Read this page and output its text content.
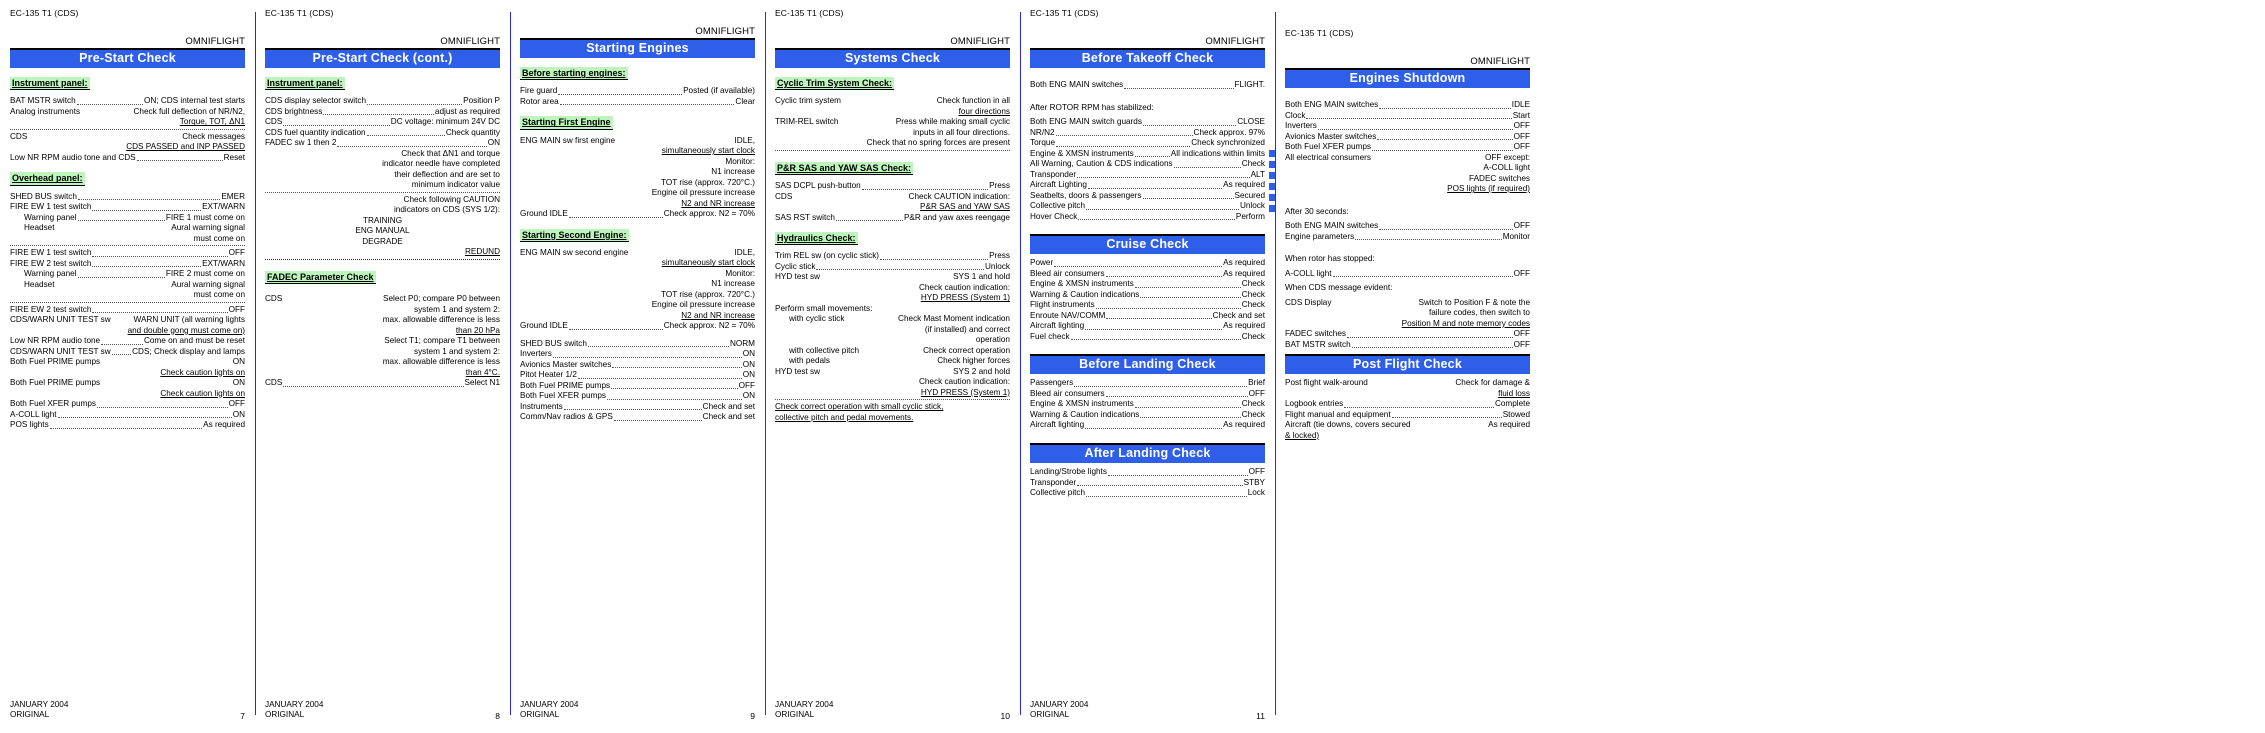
EC-135 T1 (CDS)
OMNIFLIGHT
Pre-Start Check
Instrument panel:
BAT MSTR switch	ON; CDS internal test starts
Analog instruments	Check full deflection of NR/N2,
Torque, TOT, ΔN1
CDS	Check messages
CDS PASSED and INP PASSED
Low NR RPM audio tone and CDS	Reset
Overhead panel:
SHED BUS switch	EMER
FIRE EW 1 test switch	EXT/WARN
Warning panel	FIRE 1 must come on
Headset	Aural warning signal
must come on
FIRE EW 1 test switch	OFF
FIRE EW 2 test switch	EXT/WARN
Warning panel	FIRE 2 must come on
Headset	Aural warning signal
must come on
FIRE EW 2 test switch	OFF
CDS/WARN UNIT TEST sw	WARN UNIT (all warning lights
and double gong must come on)
Low NR RPM audio tone	Come on and must be reset
CDS/WARN UNIT TEST sw	CDS; Check display and lamps
Both Fuel PRIME pumps	ON
Check caution lights on
Both Fuel PRIME pumps	ON
Check caution lights on
Both Fuel XFER pumps	OFF
A-COLL light	ON
POS lights	As required
JANUARY 2004
ORIGINAL	7
EC-135 T1 (CDS)
OMNIFLIGHT
Pre-Start Check (cont.)
Instrument panel:
CDS display selector switch	Position P
CDS brightness	adjust as required
CDS	DC voltage: minimum 24V DC
CDS fuel quantity indication	Check quantity
FADEC sw 1 then 2	ON
Check that ΔN1 and torque
indicator needle have completed
their deflection and are set to
minimum indicator value
Check following CAUTION
indicators on CDS (SYS 1/2):
TRAINING
ENG MANUAL
DEGRADE
REDUND
FADEC Parameter Check
CDS	Select P0; compare P0 between
system 1 and system 2:
max. allowable difference is less
than 20 hPa
Select T1; compare T1 between
system 1 and system 2:
max. allowable difference is less
than 4°C.
CDS	Select N1
JANUARY 2004
ORIGINAL	8
OMNIFLIGHT
Starting Engines
Before starting engines:
Fire guard	Posted (if available)
Rotor area	Clear
Starting First Engine
ENG MAIN sw first engine	IDLE,
simultaneously start clock
Monitor:
N1 increase
TOT rise (approx. 720°C.)
Engine oil pressure increase
N2 and NR increase
Ground IDLE	Check approx. N2 = 70%
Starting Second Engine:
ENG MAIN sw second engine	IDLE,
simultaneously start clock
Monitor:
N1 increase
TOT rise (approx. 720°C.)
Engine oil pressure increase
N2 and NR increase
Ground IDLE	Check approx. N2 = 70%
SHED BUS switch	NORM
Inverters	ON
Avionics Master switches	ON
Pitot Heater 1/2	ON
Both Fuel PRIME pumps	OFF
Both Fuel XFER pumps	ON
Instruments	Check and set
Comm/Nav radios & GPS	Check and set
JANUARY 2004
ORIGINAL	9
EC-135 T1 (CDS)
OMNIFLIGHT
Systems Check
Cyclic Trim System Check:
Cyclic trim system	Check function in all
four directions
TRIM-REL switch	Press while making small cyclic
inputs in all four directions.
Check that no spring forces are present
P&R SAS and YAW SAS Check:
SAS DCPL push-button	Press
CDS	Check CAUTION indication:
P&R SAS and YAW SAS
SAS RST switch	P&R and yaw axes reengage
Hydraulics Check:
Trim REL sw (on cyclic stick)	Press
Cyclic stick	Unlock
HYD test sw	SYS 1 and hold
Check caution indication:
HYD PRESS (System 1)
Perform small movements:
with cyclic stick	Check Mast Moment indication
(if installed) and correct
operation
with collective pitch	Check correct operation
with pedals	Check higher forces
HYD test sw	SYS 2 and hold
Check caution indication:
HYD PRESS (System 1)
Check correct operation with small cyclic stick,
collective pitch and pedal movements.
JANUARY 2004
ORIGINAL	10
EC-135 T1 (CDS)
OMNIFLIGHT
Before Takeoff Check
Both ENG MAIN switches	FLIGHT.
After ROTOR RPM has stabilized:
Both ENG MAIN switch guards	CLOSE
NR/N2	Check approx. 97%
Torque	Check synchronized
Engine & XMSN instruments	All indications within limits
All Warning, Caution & CDS indications	Check
Transponder	ALT
Aircraft Lighting	As required
Seatbelts, doors & passengers	Secured
Collective pitch	Unlock
Hover Check	Perform
Cruise Check
Power	As required
Bleed air consumers	As required
Engine & XMSN instruments	Check
Warning & Caution indications	Check
Flight instruments	Check
Enroute NAV/COMM	Check and set
Aircraft lighting	As required
Fuel check	Check
Before Landing Check
Passengers	Brief
Bleed air consumers	OFF
Engine & XMSN instruments	Check
Warning & Caution indications	Check
Aircraft lighting	As required
After Landing Check
Landing/Strobe lights	OFF
Transponder	STBY
Collective pitch	Lock
JANUARY 2004
ORIGINAL	11
EC-135 T1 (CDS)
OMNIFLIGHT
Engines Shutdown
Both ENG MAIN switches	IDLE
Clock	Start
Inverters	OFF
Avionics Master switches	OFF
Both Fuel XFER pumps	OFF
All electrical consumers	OFF except:
A-COLL light
FADEC switches
POS lights (if required)
After 30 seconds:
Both ENG MAIN switches	OFF
Engine parameters	Monitor
When rotor has stopped:
A-COLL light	OFF
When CDS message evident:
CDS Display	Switch to Position F & note the
failure codes, then switch to
Position M and note memory codes
FADEC switches	OFF
BAT MSTR switch	OFF
Post Flight Check
Post flight walk-around	Check for damage &
fluid loss
Logbook entries	Complete
Flight manual and equipment	Stowed
Aircraft (tie downs, covers secured	As required
& locked)
